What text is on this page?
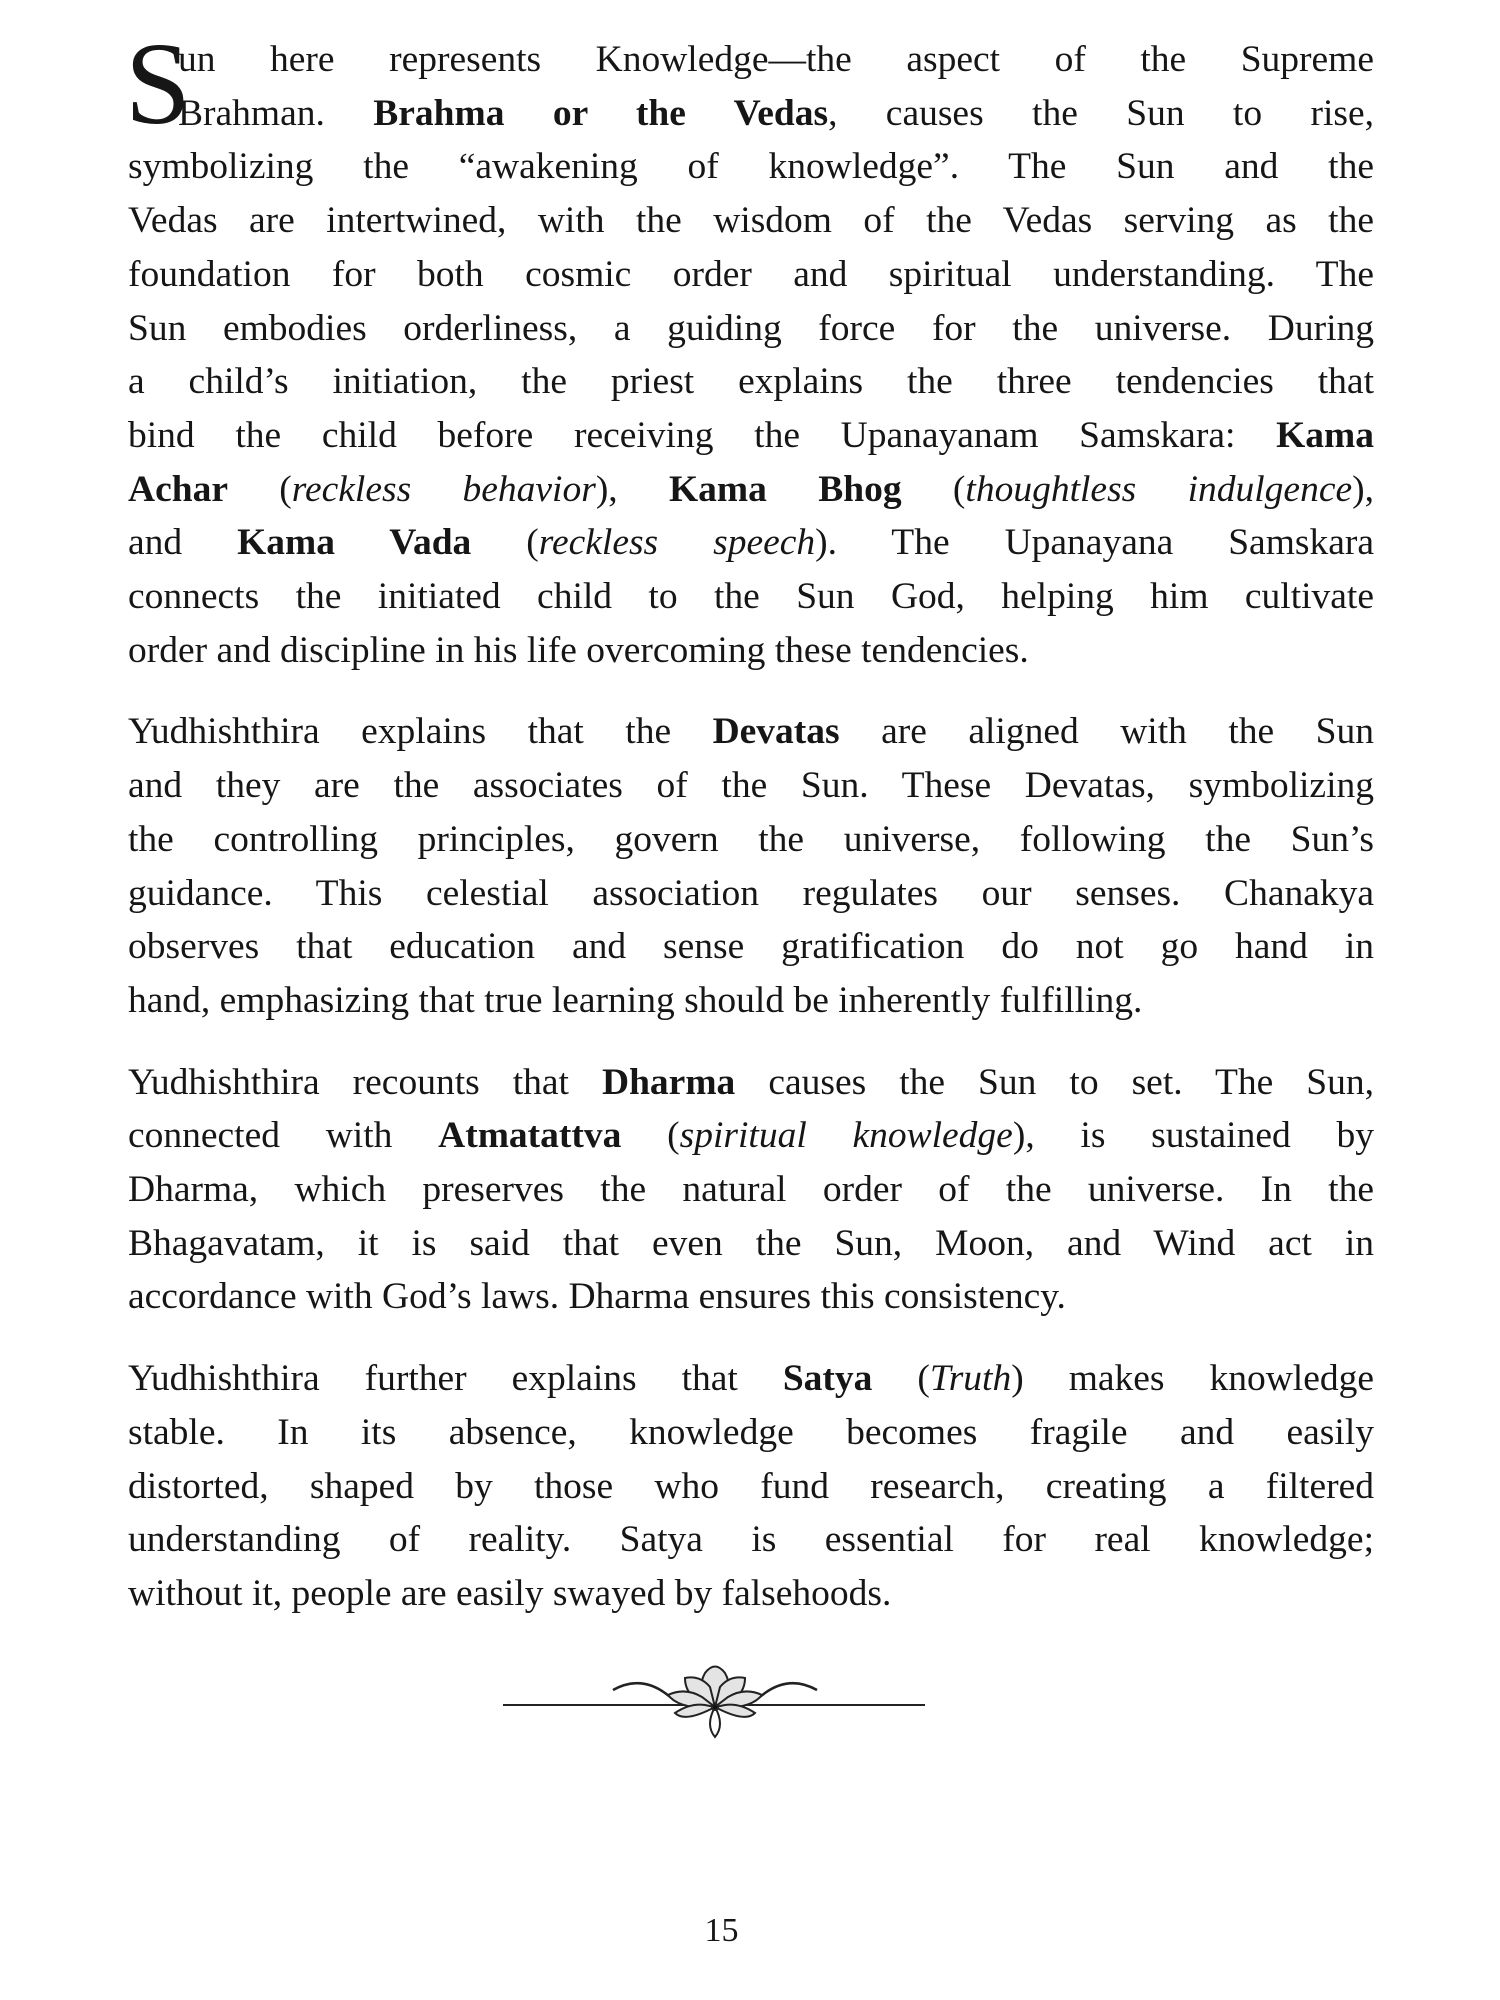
S
un here represents Knowledge—the aspect of the Supreme
Brahman. Brahma or the Vedas, causes the Sun to rise,
symbolizing the “awakening of knowledge”. The Sun and the
Vedas are intertwined, with the wisdom of the Vedas serving as the
foundation for both cosmic order and spiritual understanding. The
Sun embodies orderliness, a guiding force for the universe. During
a child’s initiation, the priest explains the three tendencies that
bind the child before receiving the Upanayanam Samskara: Kama
Achar (reckless behavior), Kama Bhog (thoughtless indulgence),
and Kama Vada (reckless speech). The Upanayana Samskara
connects the initiated child to the Sun God, helping him cultivate
order and discipline in his life overcoming these tendencies.
Yudhishthira explains that the Devatas are aligned with the Sun
and they are the associates of the Sun. These Devatas, symbolizing
the controlling principles, govern the universe, following the Sun’s
guidance. This celestial association regulates our senses. Chanakya
observes that education and sense gratification do not go hand in
hand, emphasizing that true learning should be inherently fulfilling.
Yudhishthira recounts that Dharma causes the Sun to set. The Sun,
connected with Atmatattva (spiritual knowledge), is sustained by
Dharma, which preserves the natural order of the universe. In the
Bhagavatam, it is said that even the Sun, Moon, and Wind act in
accordance with God’s laws. Dharma ensures this consistency.
Yudhishthira further explains that Satya (Truth) makes knowledge
stable. In its absence, knowledge becomes fragile and easily
distorted, shaped by those who fund research, creating a filtered
understanding of reality. Satya is essential for real knowledge;
without it, people are easily swayed by falsehoods.
15
